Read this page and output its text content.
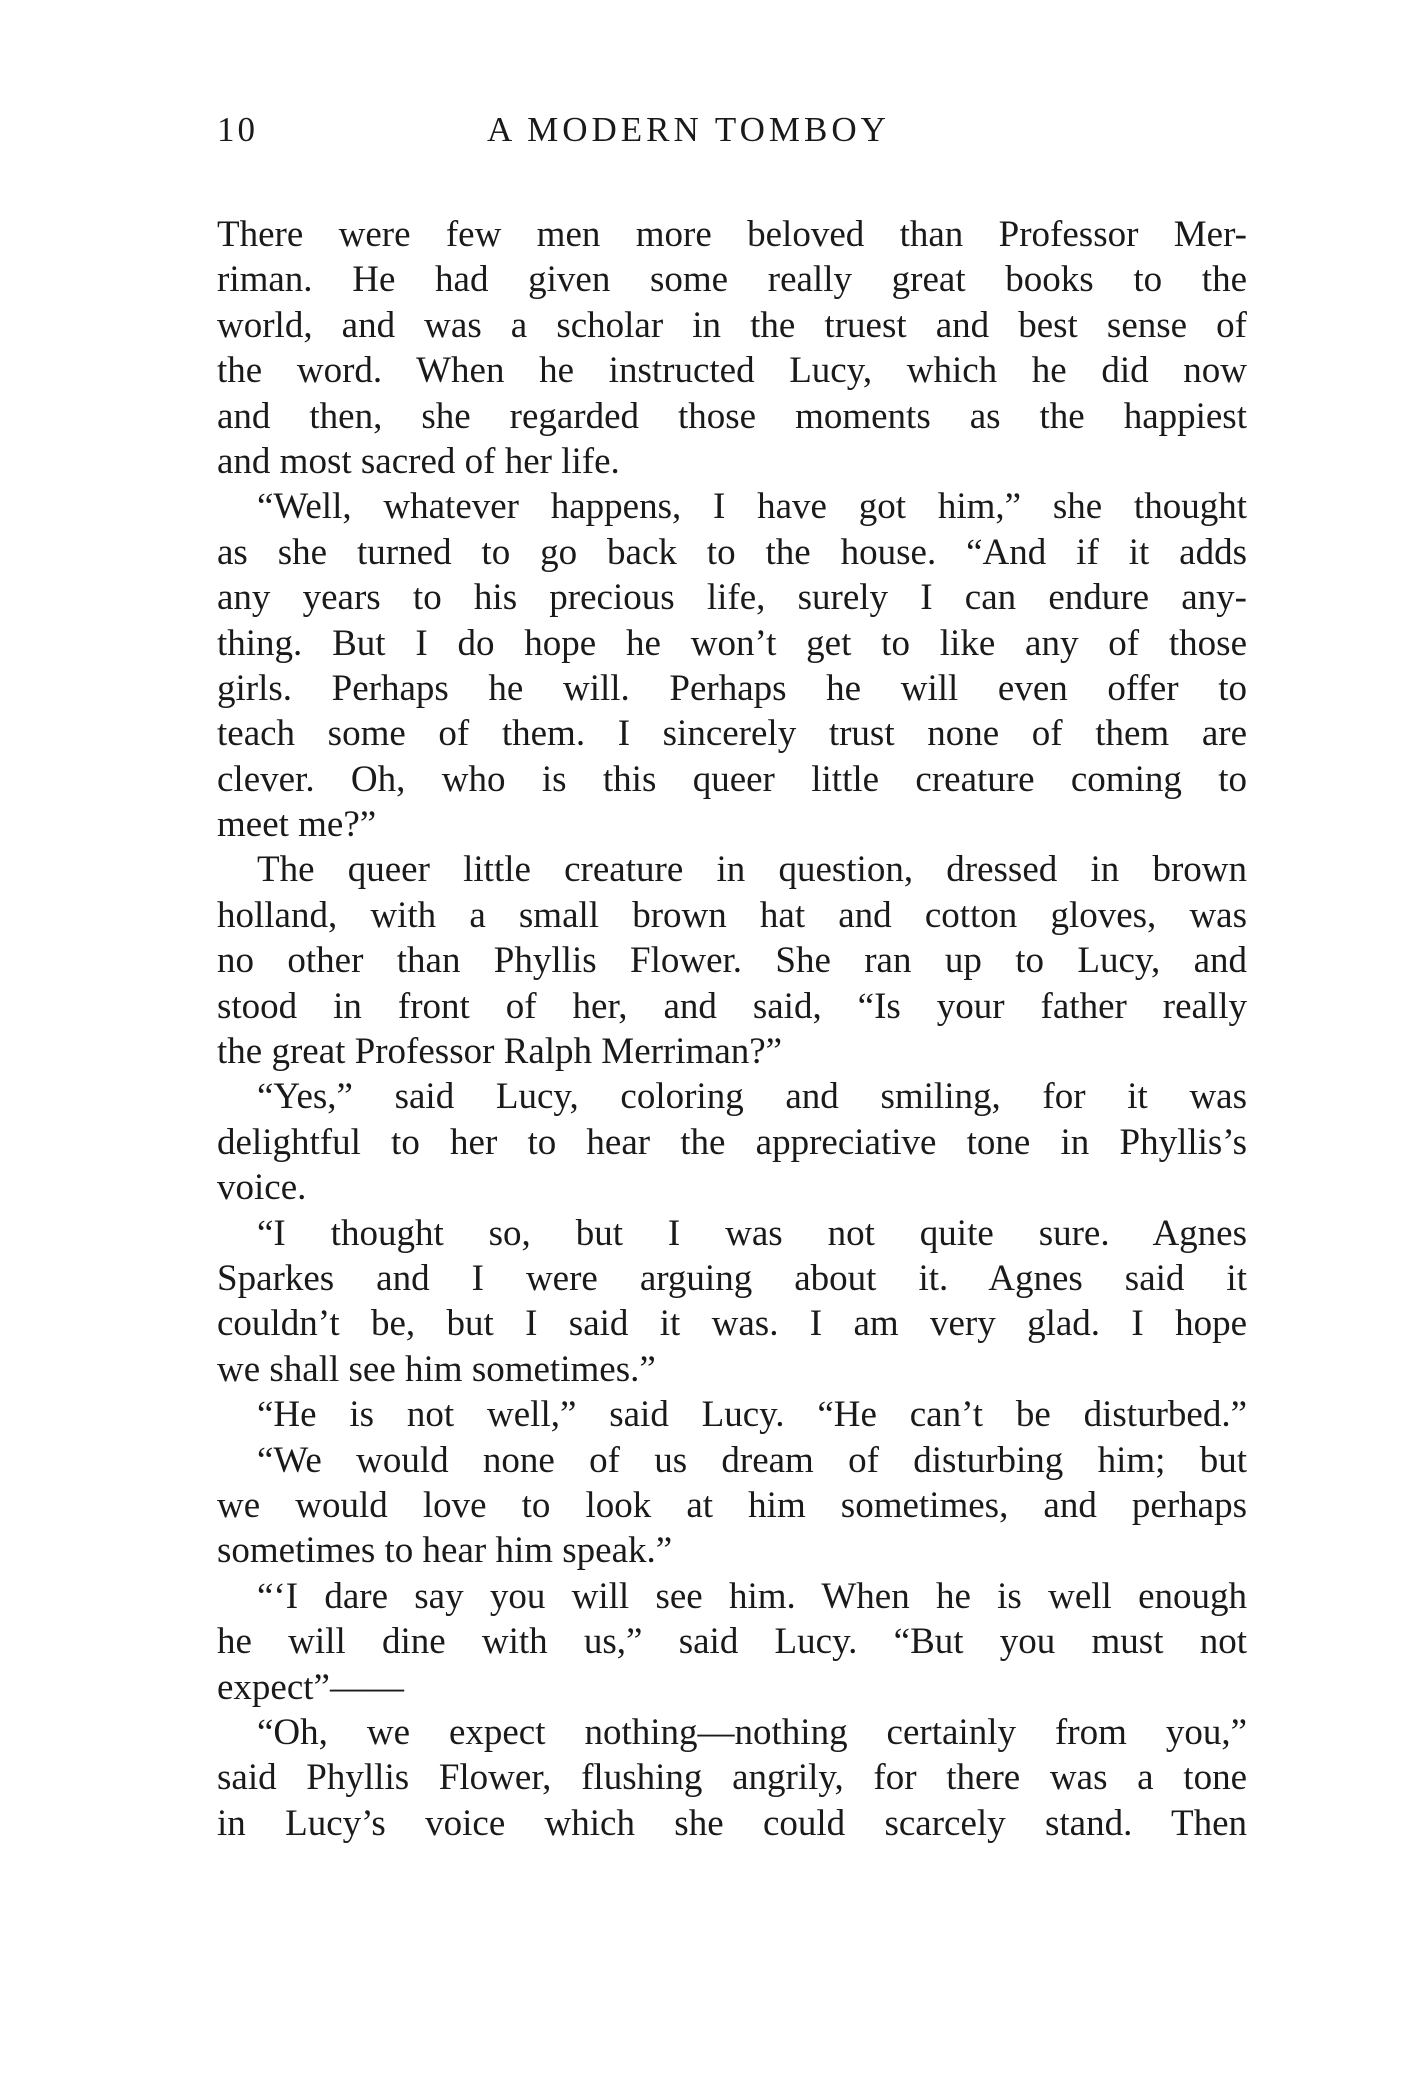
10	A MODERN TOMBOY
There were few men more beloved than Professor Mer-
riman. He had given some really great books to the
world, and was a scholar in the truest and best sense of
the word. When he instructed Lucy, which he did now
and then, she regarded those moments as the happiest
and most sacred of her life.
“Well, whatever happens, I have got him,” she thought
as she turned to go back to the house. “And if it adds
any years to his precious life, surely I can endure any-
thing. But I do hope he won’t get to like any of those
girls. Perhaps he will. Perhaps he will even offer to
teach some of them. I sincerely trust none of them are
clever. Oh, who is this queer little creature coming to
meet me?”
The queer little creature in question, dressed in brown
holland, with a small brown hat and cotton gloves, was
no other than Phyllis Flower. She ran up to Lucy, and
stood in front of her, and said, “Is your father really
the great Professor Ralph Merriman?”
“Yes,” said Lucy, coloring and smiling, for it was
delightful to her to hear the appreciative tone in Phyllis’s
voice.
“I thought so, but I was not quite sure. Agnes
Sparkes and I were arguing about it. Agnes said it
couldn’t be, but I said it was. I am very glad. I hope
we shall see him sometimes.”
“He is not well,” said Lucy. “He can’t be disturbed.”
“We would none of us dream of disturbing him; but
we would love to look at him sometimes, and perhaps
sometimes to hear him speak.”
“‘I dare say you will see him. When he is well enough
he will dine with us,” said Lucy. “But you must not
expect”——
“Oh, we expect nothing—nothing certainly from you,”
said Phyllis Flower, flushing angrily, for there was a tone
in Lucy’s voice which she could scarcely stand. Then
